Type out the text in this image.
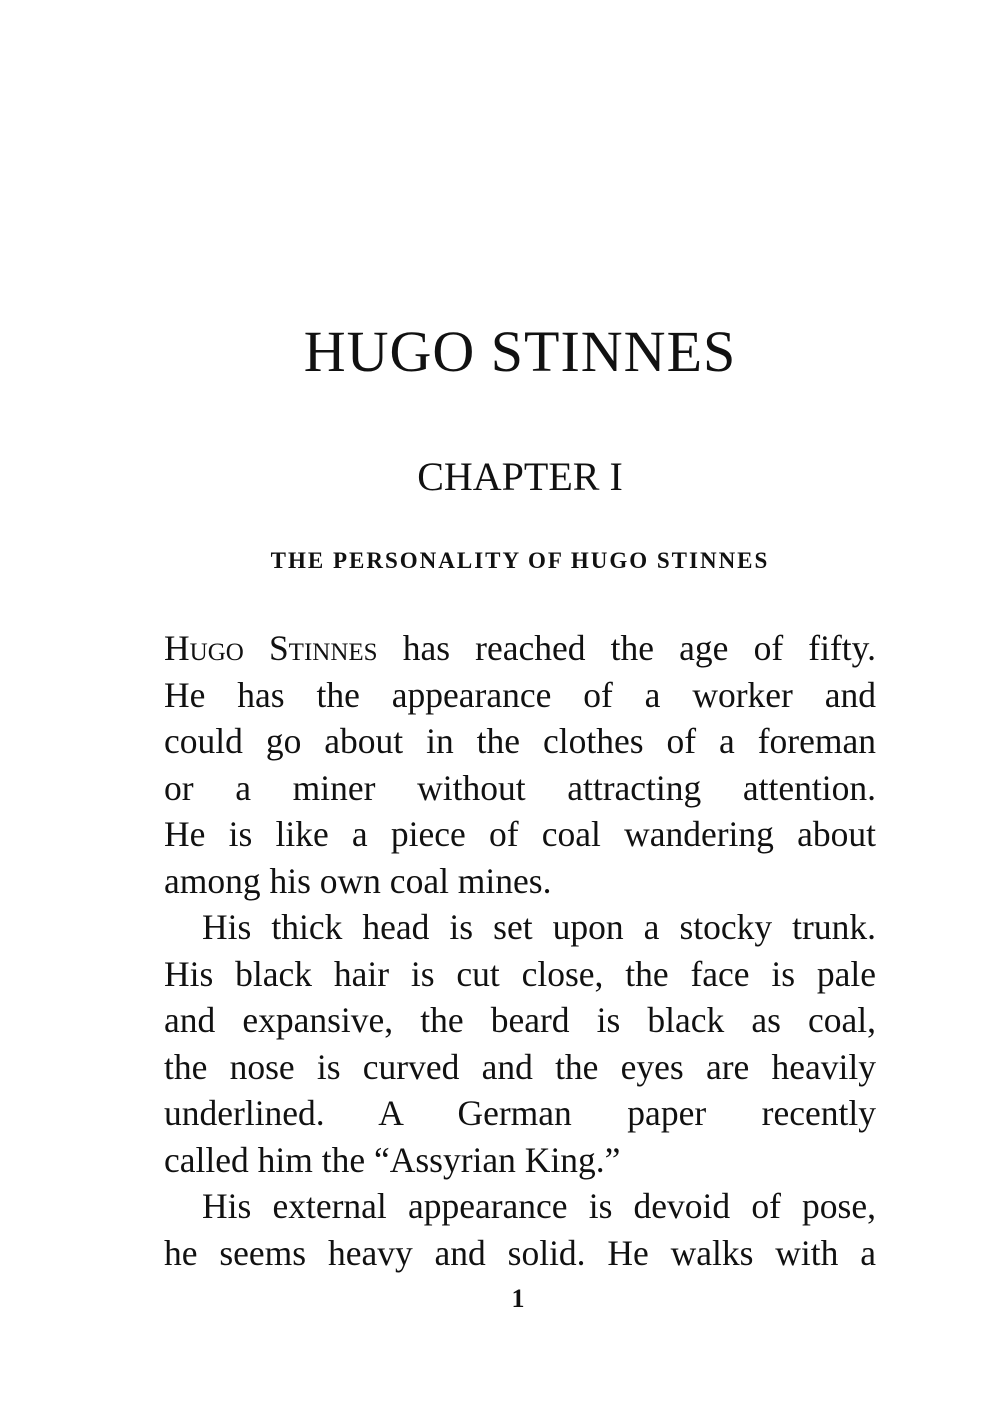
HUGO STINNES
CHAPTER I
THE PERSONALITY OF HUGO STINNES
Hugo Stinnes has reached the age of fifty.
He has the appearance of a worker and
could go about in the clothes of a foreman
or a miner without attracting attention.
He is like a piece of coal wandering about
among his own coal mines.
His thick head is set upon a stocky trunk.
His black hair is cut close, the face is pale
and expansive, the beard is black as coal,
the nose is curved and the eyes are heavily
underlined. A German paper recently
called him the “Assyrian King.”
His external appearance is devoid of pose,
he seems heavy and solid. He walks with a
1
